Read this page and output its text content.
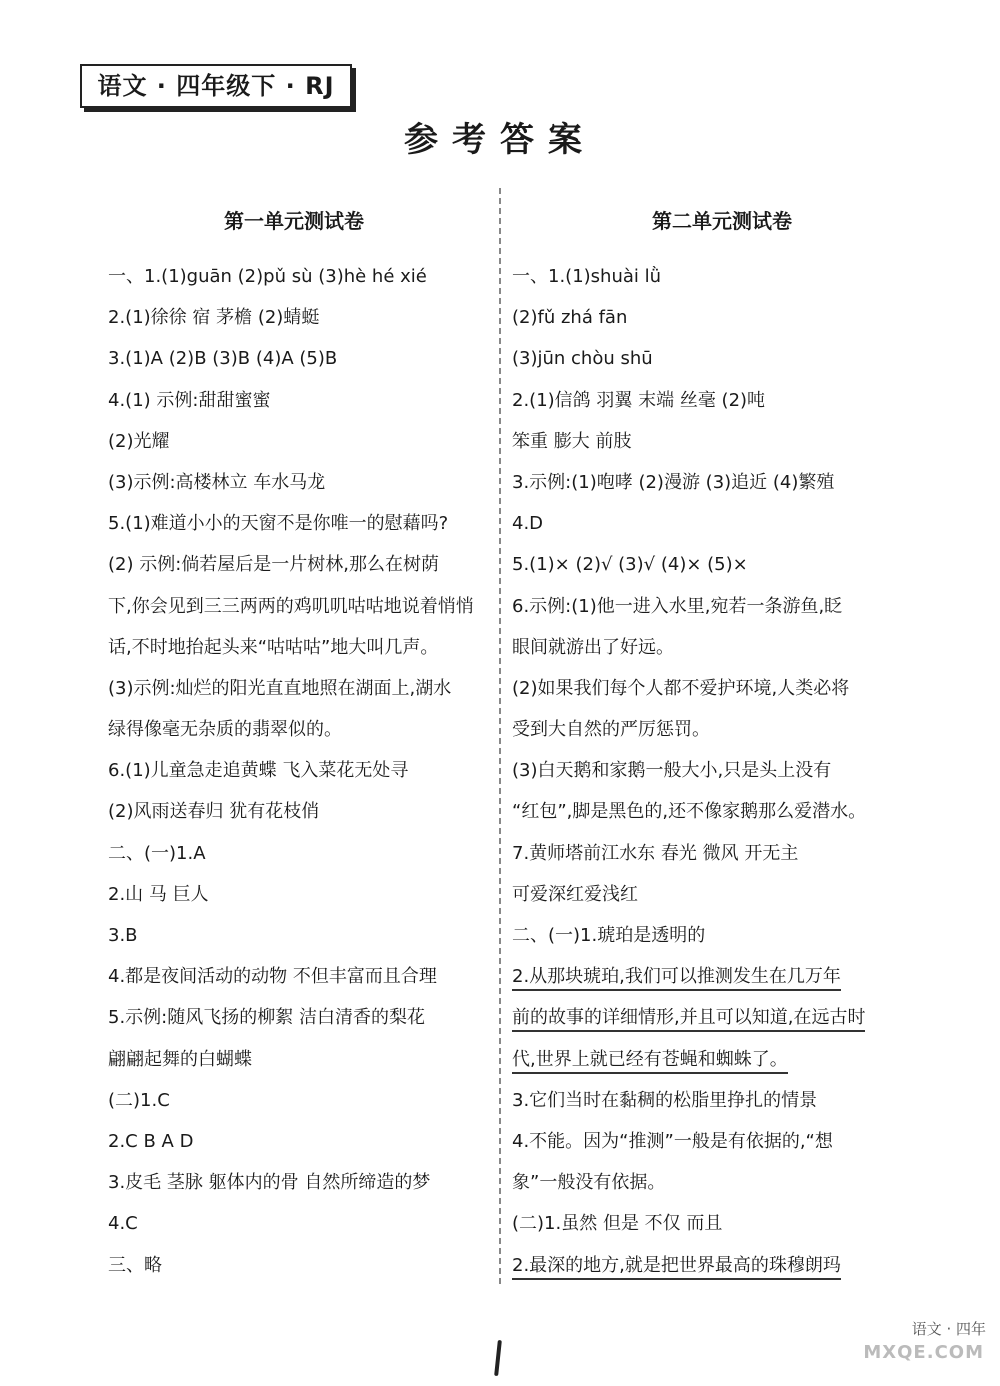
语文 · 四年级下 · RJ
参考答案
第一单元测试卷
一、1.(1)guān (2)pǔ sù (3)hè hé xié
2.(1)徐徐 宿 茅檐 (2)蜻蜓
3.(1)A (2)B (3)B (4)A (5)B
4.(1) 示例:甜甜蜜蜜
(2)光耀
(3)示例:高楼林立 车水马龙
5.(1)难道小小的天窗不是你唯一的慰藉吗?
(2) 示例:倘若屋后是一片树林,那么在树荫
下,你会见到三三两两的鸡叽叽咕咕地说着悄悄
话,不时地抬起头来“咕咕咕”地大叫几声。
(3)示例:灿烂的阳光直直地照在湖面上,湖水
绿得像毫无杂质的翡翠似的。
6.(1)儿童急走追黄蝶 飞入菜花无处寻
(2)风雨送春归 犹有花枝俏
二、(一)1.A
2.山 马 巨人
3.B
4.都是夜间活动的动物 不但丰富而且合理
5.示例:随风飞扬的柳絮 洁白清香的梨花
翩翩起舞的白蝴蝶
(二)1.C
2.C B A D
3.皮毛 茎脉 躯体内的骨 自然所缔造的梦
4.C
三、略
第二单元测试卷
一、1.(1)shuài lǜ
(2)fǔ zhá fān
(3)jūn chòu shū
2.(1)信鸽 羽翼 末端 丝毫 (2)吨
笨重 膨大 前肢
3.示例:(1)咆哮 (2)漫游 (3)追近 (4)繁殖
4.D
5.(1)× (2)√ (3)√ (4)× (5)×
6.示例:(1)他一进入水里,宛若一条游鱼,眨
眼间就游出了好远。
(2)如果我们每个人都不爱护环境,人类必将
受到大自然的严厉惩罚。
(3)白天鹅和家鹅一般大小,只是头上没有
“红包”,脚是黑色的,还不像家鹅那么爱潜水。
7.黄师塔前江水东 春光 微风 开无主
可爱深红爱浅红
二、(一)1.琥珀是透明的
2.从那块琥珀,我们可以推测发生在几万年
前的故事的详细情形,并且可以知道,在远古时
代,世界上就已经有苍蝇和蜘蛛了。
3.它们当时在黏稠的松脂里挣扎的情景
4.不能。因为“推测”一般是有依据的,“想
象”一般没有依据。
(二)1.虽然 但是 不仅 而且
2.最深的地方,就是把世界最高的珠穆朗玛
语文 · 四年
MXQE.COM
